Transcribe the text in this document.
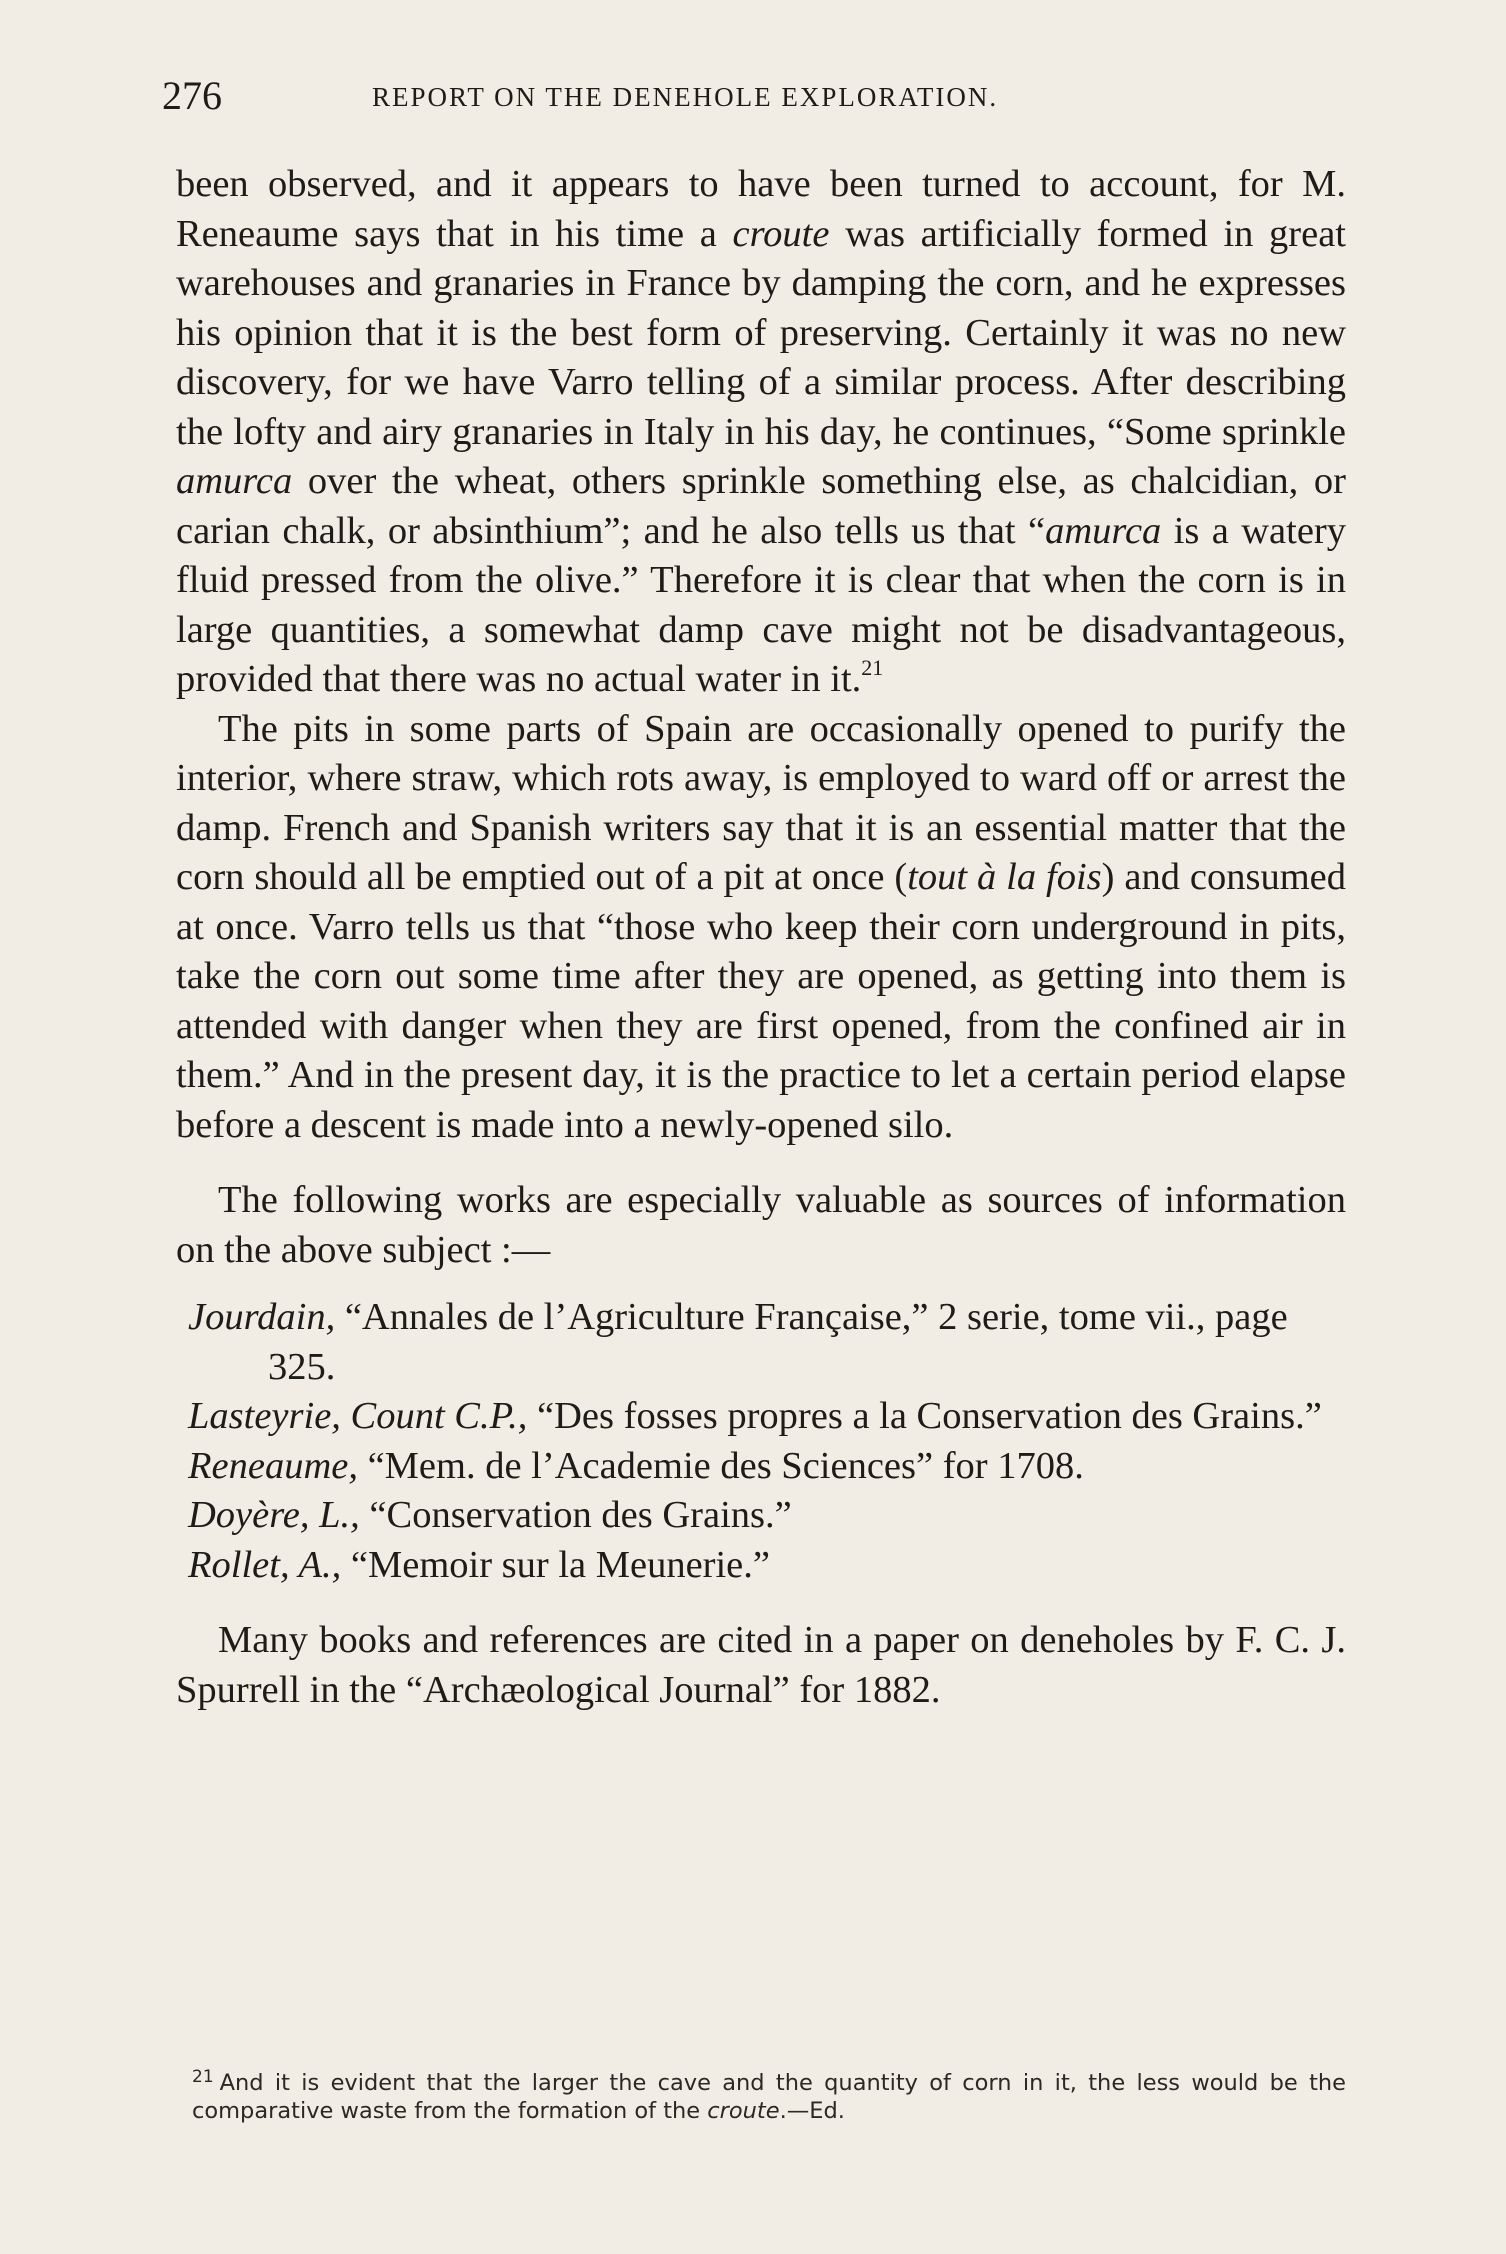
276	REPORT ON THE DENEHOLE EXPLORATION.

been observed, and it appears to have been turned to account, for M. Reneaume says that in his time a croute was artificially formed in great warehouses and granaries in France by damping the corn, and he expresses his opinion that it is the best form of preserving. Certainly it was no new discovery, for we have Varro telling of a similar process. After describing the lofty and airy granaries in Italy in his day, he continues, “Some sprinkle amurca over the wheat, others sprinkle something else, as chalcidian, or carian chalk, or absinthium”; and he also tells us that “amurca is a watery fluid pressed from the olive.” Therefore it is clear that when the corn is in large quantities, a somewhat damp cave might not be disadvantageous, provided that there was no actual water in it.$^{21}$

The pits in some parts of Spain are occasionally opened to purify the interior, where straw, which rots away, is employed to ward off or arrest the damp. French and Spanish writers say that it is an essential matter that the corn should all be emptied out of a pit at once (tout à la fois) and consumed at once. Varro tells us that “those who keep their corn underground in pits, take the corn out some time after they are opened, as getting into them is attended with danger when they are first opened, from the confined air in them.” And in the present day, it is the practice to let a certain period elapse before a descent is made into a newly-opened silo.

The following works are especially valuable as sources of information on the above subject :—

Jourdain, “Annales de l’Agriculture Française,” 2 serie, tome vii., page 325.
Lasteyrie, Count C.P., “Des fosses propres a la Conservation des Grains.”
Reneaume, “Mem. de l’Academie des Sciences” for 1708.
Doyère, L., “Conservation des Grains.”
Rollet, A., “Memoir sur la Meunerie.”

Many books and references are cited in a paper on deneholes by F. C. J. Spurrell in the “Archæological Journal” for 1882.

$^{21}$ And it is evident that the larger the cave and the quantity of corn in it, the less would be the comparative waste from the formation of the croute.—Ed.
